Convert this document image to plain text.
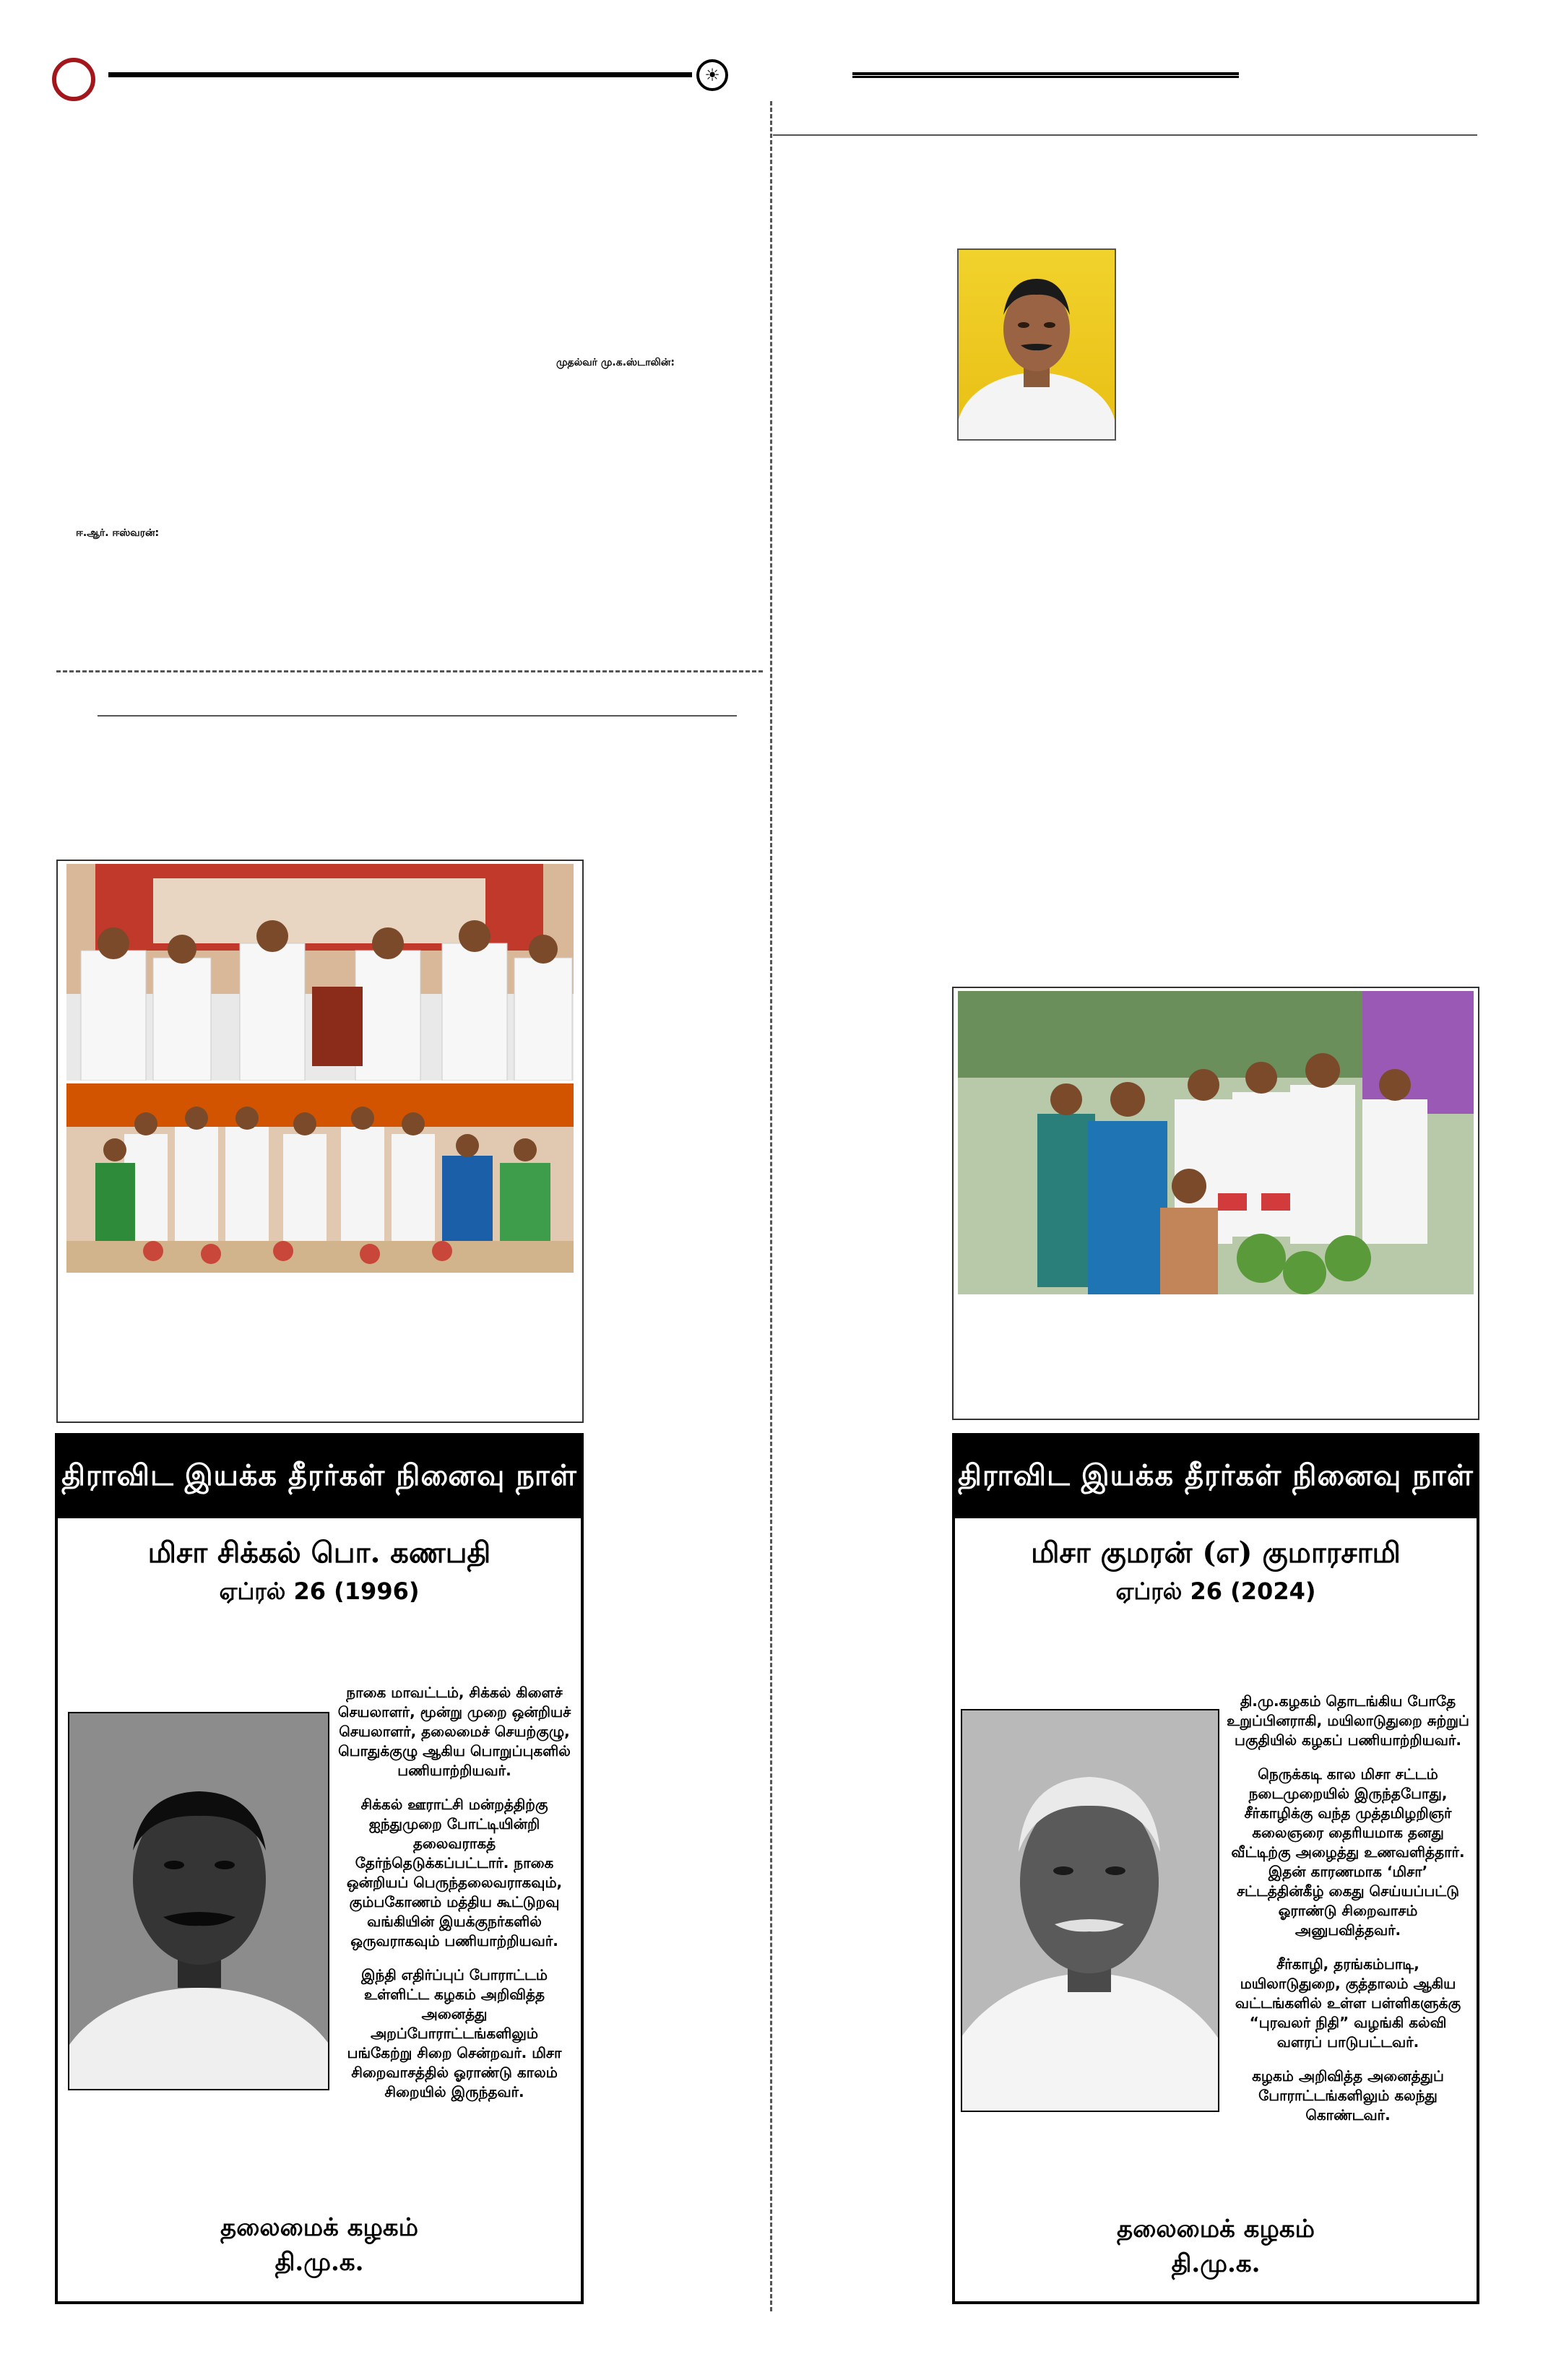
☀
முதல்வர் மு.க.ஸ்டாலின்:
ஈ.ஆர். ஈஸ்வரன்:
திராவிட இயக்க தீரர்கள் நினைவு நாள்
மிசா சிக்கல் பொ. கணபதி
ஏப்ரல் 26 (1996)

நாகை மாவட்டம், சிக்கல் கிளைச் செயலாளர், மூன்று முறை ஒன்றியச் செயலாளர், தலைமைச் செயற்குழு, பொதுக்குழு ஆகிய பொறுப்புகளில் பணியாற்றியவர்.

சிக்கல் ஊராட்சி மன்றத்திற்கு ஐந்துமுறை போட்டியின்றி தலைவராகத் தேர்ந்தெடுக்கப்பட்டார். நாகை ஒன்றியப் பெருந்தலைவராகவும், கும்பகோணம் மத்திய கூட்டுறவு வங்கியின் இயக்குநர்களில் ஒருவராகவும் பணியாற்றியவர்.

இந்தி எதிர்ப்புப் போராட்டம் உள்ளிட்ட கழகம் அறிவித்த அனைத்து அறப்போராட்டங்களிலும் பங்கேற்று சிறை சென்றவர். மிசா சிறைவாசத்தில் ஓராண்டு காலம் சிறையில் இருந்தவர்.

தலைமைக் கழகம்
தி.மு.க.
திராவிட இயக்க தீரர்கள் நினைவு நாள்
மிசா குமரன் (எ) குமாரசாமி
ஏப்ரல் 26 (2024)

தி.மு.கழகம் தொடங்கிய போதே உறுப்பினராகி, மயிலாடுதுறை சுற்றுப் பகுதியில் கழகப் பணியாற்றியவர்.

நெருக்கடி கால மிசா சட்டம் நடைமுறையில் இருந்தபோது, சீர்காழிக்கு வந்த முத்தமிழறிஞர் கலைஞரை தைரியமாக தனது வீட்டிற்கு அழைத்து உணவளித்தார். இதன் காரணமாக ‘மிசா’ சட்டத்தின்கீழ் கைது செய்யப்பட்டு ஓராண்டு சிறைவாசம் அனுபவித்தவர்.

சீர்காழி, தரங்கம்பாடி, மயிலாடுதுறை, குத்தாலம் ஆகிய வட்டங்களில் உள்ள பள்ளிகளுக்கு “புரவலர் நிதி” வழங்கி கல்வி வளரப் பாடுபட்டவர்.

கழகம் அறிவித்த அனைத்துப் போராட்டங்களிலும் கலந்து கொண்டவர்.

தலைமைக் கழகம்
தி.மு.க.
